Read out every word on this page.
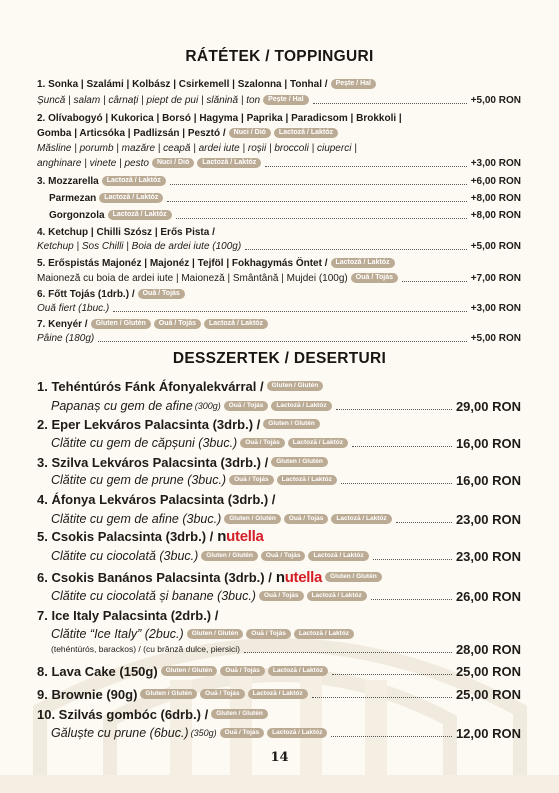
RÁTÉTEK / TOPPINGURI
1. Sonka | Szalámi | Kolbász | Csirkemell | Szalonna | Tonhal /	Pește / Hal
Șuncă | salam | cârnați | piept de pui | slănină | ton	Pește / Hal	+5,00 RON
2. Olívabogyó | Kukorica | Borsó | Hagyma | Paprika | Paradicsom | Brokkoli |
Gomba | Articsóka | Padlizsán | Pesztó /	Nuci / Dió	Lactoză / Laktóz
Măsline | porumb | mazăre | ceapă | ardei iute | roșii | broccoli | ciuperci |
anghinare | vinete | pesto	Nuci / Dió	Lactoză / Laktóz	+3,00 RON
3. Mozzarella	Lactoză / Laktóz	+6,00 RON
Parmezan	Lactoză / Laktóz	+8,00 RON
Gorgonzola	Lactoză / Laktóz	+8,00 RON
4. Ketchup | Chilli Szósz | Erős Pista /
Ketchup | Sos Chilli | Boia de ardei iute (100g)	+5,00 RON
5. Erőspistás Majonéz | Majonéz | Tejföl | Fokhagymás Öntet /	Lactoză / Laktóz
Maioneză cu boia de ardei iute | Maioneză | Smântână | Mujdei (100g)	Ouă / Tojás	+7,00 RON
6. Főtt Tojás (1drb.) /	Ouă / Tojás
Ouă fiert (1buc.)	+3,00 RON
7. Kenyér /	Gluten / Glutén	Ouă / Tojás	Lactoză / Laktóz
Pâine (180g)	+5,00 RON
DESSZERTEK / DESERTURI
1. Tehéntúrós Fánk Áfonyalekvárral /	Gluten / Glutén
Papanaș cu gem de afine (300g)	Ouă / Tojás	Lactoză / Laktóz	29,00 RON
2. Eper Lekváros Palacsinta (3drb.) /	Gluten / Glutén
Clătite cu gem de căpșuni (3buc.)	Ouă / Tojás	Lactoză / Laktóz	16,00 RON
3. Szilva Lekváros Palacsinta (3drb.) /	Gluten / Glutén
Clătite cu gem de prune (3buc.)	Ouă / Tojás	Lactoză / Laktóz	16,00 RON
4. Áfonya Lekváros Palacsinta (3drb.) /
Clătite cu gem de afine (3buc.)	Gluten / Glutén	Ouă / Tojás	Lactoză / Laktóz	23,00 RON
5. Csokis Palacsinta (3drb.) / nutella
Clătite cu ciocolată (3buc.)	Gluten / Glutén	Ouă / Tojás	Lactoză / Laktóz	23,00 RON
6. Csokis Banános Palacsinta (3drb.) / nutella	Gluten / Glutén
Clătite cu ciocolată și banane (3buc.)	Ouă / Tojás	Lactoză / Laktóz	26,00 RON
7. Ice Italy Palacsinta (2drb.) /
Clătite “Ice Italy” (2buc.)	Gluten / Glutén	Ouă / Tojás	Lactoză / Laktóz
(tehéntúrós, barackos) / (cu brânză dulce, piersici)	28,00 RON
8. Lava Cake (150g)	Gluten / Glutén	Ouă / Tojás	Lactoză / Laktóz	25,00 RON
9. Brownie (90g)	Gluten / Glutén	Ouă / Tojás	Lactoză / Laktóz	25,00 RON
10. Szilvás gombóc (6drb.) /	Gluten / Glutén
Găluște cu prune (6buc.) (350g)	Ouă / Tojás	Lactoză / Laktóz	12,00 RON
14
